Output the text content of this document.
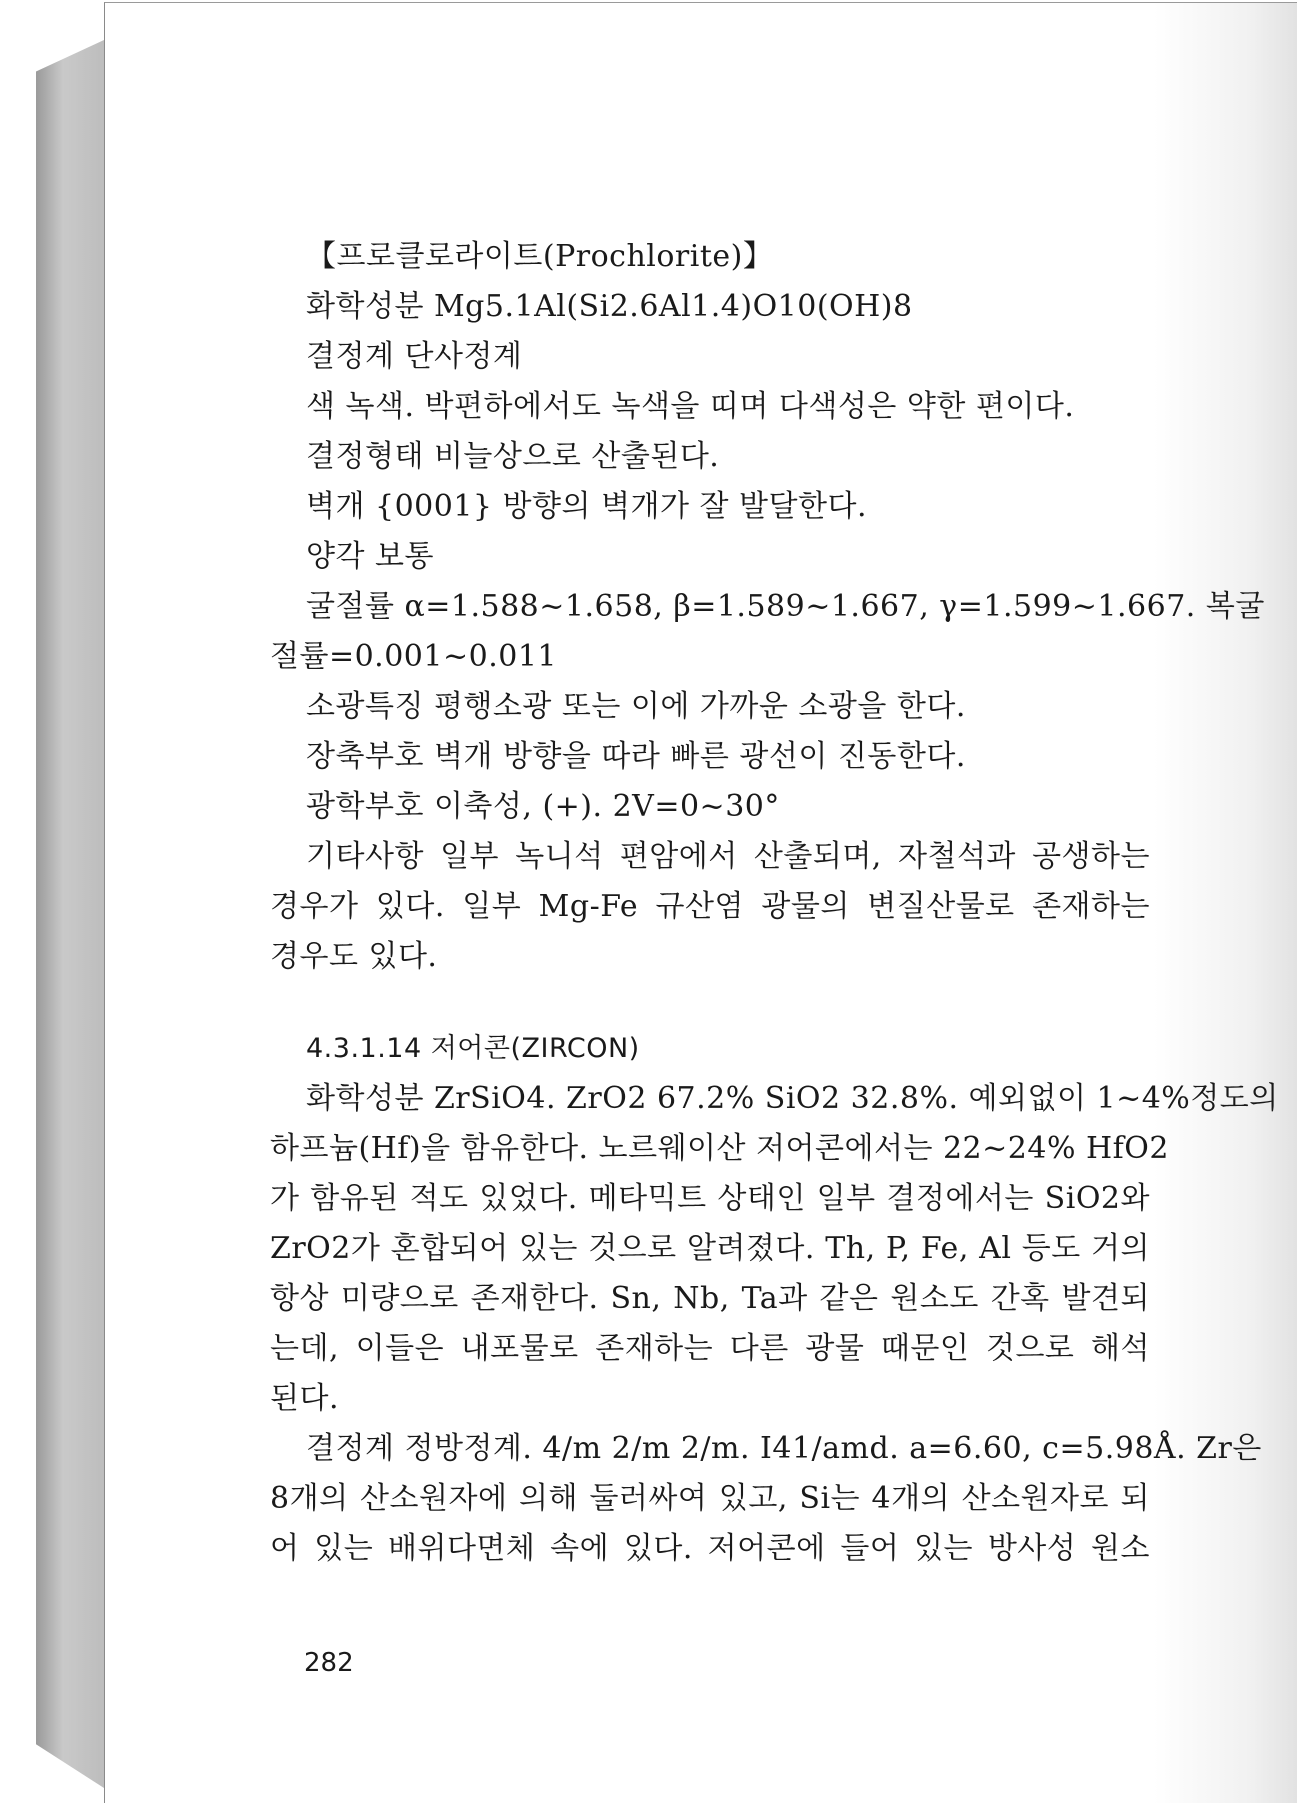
【프로클로라이트(Prochlorite)】
화학성분 Mg5.1Al(Si2.6Al1.4)O10(OH)8
결정계 단사정계
색 녹색. 박편하에서도 녹색을 띠며 다색성은 약한 편이다.
결정형태 비늘상으로 산출된다.
벽개 {0001} 방향의 벽개가 잘 발달한다.
양각 보통
굴절률 α=1.588~1.658, β=1.589~1.667, γ=1.599~1.667. 복굴
절률=0.001~0.011
소광특징 평행소광 또는 이에 가까운 소광을 한다.
장축부호 벽개 방향을 따라 빠른 광선이 진동한다.
광학부호 이축성, (+). 2V=0~30°
기타사항 일부 녹니석 편암에서 산출되며, 자철석과 공생하는
경우가 있다. 일부 Mg-Fe 규산염 광물의 변질산물로 존재하는
경우도 있다.
4.3.1.14 저어콘(ZIRCON)
화학성분 ZrSiO4. ZrO2 67.2% SiO2 32.8%. 예외없이 1~4%정도의
하프늄(Hf)을 함유한다. 노르웨이산 저어콘에서는 22~24% HfO2
가 함유된 적도 있었다. 메타믹트 상태인 일부 결정에서는 SiO2와
ZrO2가 혼합되어 있는 것으로 알려졌다. Th, P, Fe, Al 등도 거의
항상 미량으로 존재한다. Sn, Nb, Ta과 같은 원소도 간혹 발견되
는데, 이들은 내포물로 존재하는 다른 광물 때문인 것으로 해석
된다.
결정계 정방정계. 4/m 2/m 2/m. I41/amd. a=6.60, c=5.98Å. Zr은
8개의 산소원자에 의해 둘러싸여 있고, Si는 4개의 산소원자로 되
어 있는 배위다면체 속에 있다. 저어콘에 들어 있는 방사성 원소
282
